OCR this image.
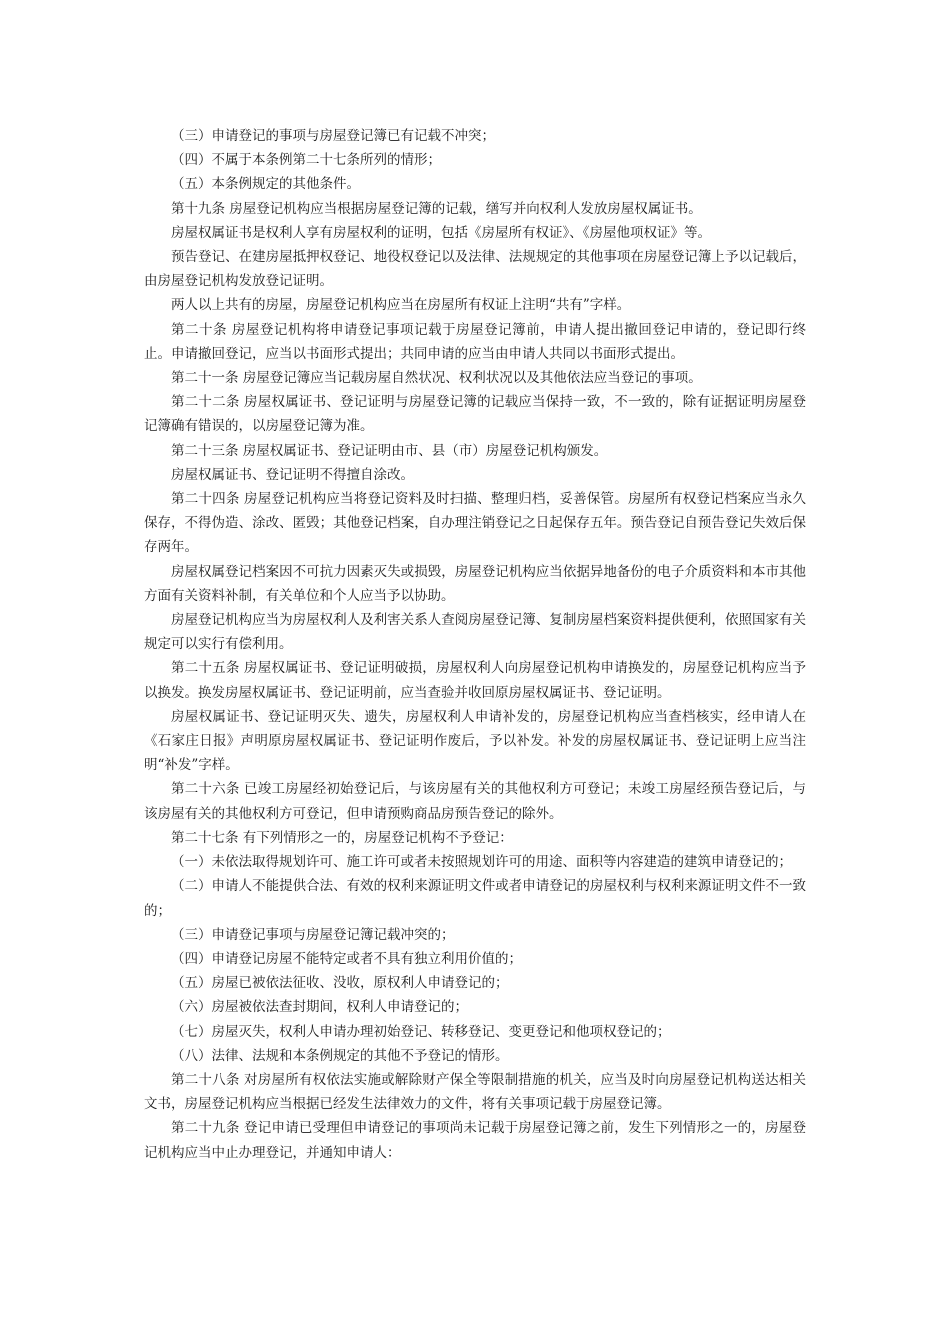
（三）申请登记的事项与房屋登记簿已有记载不冲突；

（四）不属于本条例第二十七条所列的情形；

（五）本条例规定的其他条件。

第十九条 房屋登记机构应当根据房屋登记簿的记载，缮写并向权利人发放房屋权属证书。

房屋权属证书是权利人享有房屋权利的证明，包括《房屋所有权证》、《房屋他项权证》等。

预告登记、在建房屋抵押权登记、地役权登记以及法律、法规规定的其他事项在房屋登记簿上予以记载后，由房屋登记机构发放登记证明。

两人以上共有的房屋，房屋登记机构应当在房屋所有权证上注明“共有”字样。

第二十条 房屋登记机构将申请登记事项记载于房屋登记簿前，申请人提出撤回登记申请的，登记即行终止。申请撤回登记，应当以书面形式提出；共同申请的应当由申请人共同以书面形式提出。

第二十一条 房屋登记簿应当记载房屋自然状况、权利状况以及其他依法应当登记的事项。

第二十二条 房屋权属证书、登记证明与房屋登记簿的记载应当保持一致，不一致的，除有证据证明房屋登记簿确有错误的，以房屋登记簿为准。

第二十三条 房屋权属证书、登记证明由市、县（市）房屋登记机构颁发。

房屋权属证书、登记证明不得擅自涂改。

第二十四条 房屋登记机构应当将登记资料及时扫描、整理归档，妥善保管。房屋所有权登记档案应当永久保存，不得伪造、涂改、匿毁；其他登记档案，自办理注销登记之日起保存五年。预告登记自预告登记失效后保存两年。

房屋权属登记档案因不可抗力因素灭失或损毁，房屋登记机构应当依据异地备份的电子介质资料和本市其他方面有关资料补制，有关单位和个人应当予以协助。

房屋登记机构应当为房屋权利人及利害关系人查阅房屋登记簿、复制房屋档案资料提供便利，依照国家有关规定可以实行有偿利用。

第二十五条 房屋权属证书、登记证明破损，房屋权利人向房屋登记机构申请换发的，房屋登记机构应当予以换发。换发房屋权属证书、登记证明前，应当查验并收回原房屋权属证书、登记证明。

房屋权属证书、登记证明灭失、遗失，房屋权利人申请补发的，房屋登记机构应当查档核实，经申请人在《石家庄日报》声明原房屋权属证书、登记证明作废后，予以补发。补发的房屋权属证书、登记证明上应当注明“补发”字样。

第二十六条 已竣工房屋经初始登记后，与该房屋有关的其他权利方可登记；未竣工房屋经预告登记后，与该房屋有关的其他权利方可登记，但申请预购商品房预告登记的除外。

第二十七条 有下列情形之一的，房屋登记机构不予登记：

（一）未依法取得规划许可、施工许可或者未按照规划许可的用途、面积等内容建造的建筑申请登记的；

（二）申请人不能提供合法、有效的权利来源证明文件或者申请登记的房屋权利与权利来源证明文件不一致的；

（三）申请登记事项与房屋登记簿记载冲突的；

（四）申请登记房屋不能特定或者不具有独立利用价值的；

（五）房屋已被依法征收、没收，原权利人申请登记的；

（六）房屋被依法查封期间，权利人申请登记的；

（七）房屋灭失，权利人申请办理初始登记、转移登记、变更登记和他项权登记的；

（八）法律、法规和本条例规定的其他不予登记的情形。

第二十八条 对房屋所有权依法实施或解除财产保全等限制措施的机关，应当及时向房屋登记机构送达相关文书，房屋登记机构应当根据已经发生法律效力的文件，将有关事项记载于房屋登记簿。

第二十九条 登记申请已受理但申请登记的事项尚未记载于房屋登记簿之前，发生下列情形之一的，房屋登记机构应当中止办理登记，并通知申请人：
